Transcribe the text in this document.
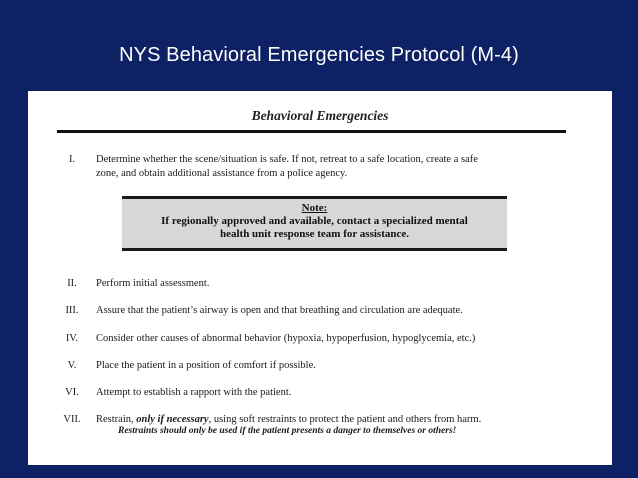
NYS Behavioral Emergencies Protocol (M-4)
Behavioral Emergencies
I.	Determine whether the scene/situation is safe. If not, retreat to a safe location, create a safe
zone, and obtain additional assistance from a police agency.
Note:
If regionally approved and available, contact a specialized mental
health unit response team for assistance.
II.	Perform initial assessment.
III.	Assure that the patient’s airway is open and that breathing and circulation are adequate.
IV.	Consider other causes of abnormal behavior (hypoxia, hypoperfusion, hypoglycemia, etc.)
V.	Place the patient in a position of comfort if possible.
VI.	Attempt to establish a rapport with the patient.
VII.	Restrain, only if necessary, using soft restraints to protect the patient and others from harm.
Restraints should only be used if the patient presents a danger to themselves or others!
